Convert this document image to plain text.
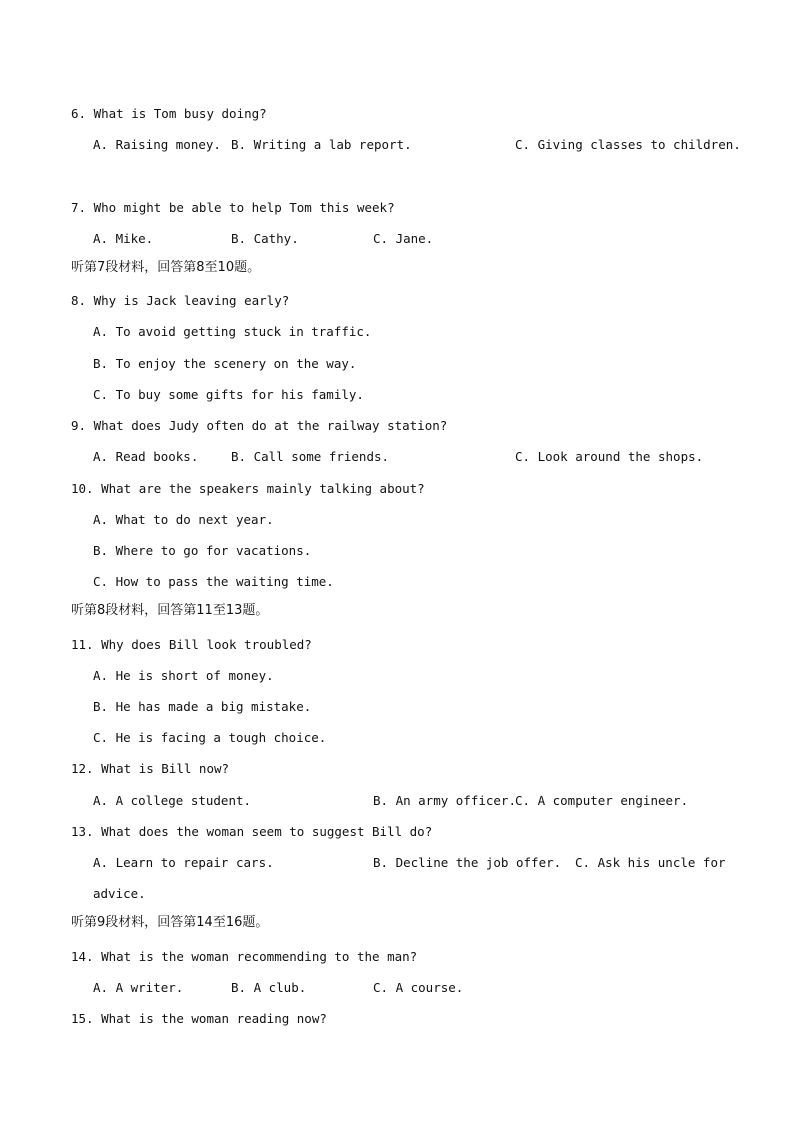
6. What is Tom busy doing?
A. Raising money. B. Writing a lab report.	C. Giving classes to children.
7. Who might be able to help Tom this week?
A. Mike.	B. Cathy.	C. Jane.
听第7段材料，回答第8至10题。
8. Why is Jack leaving early?
A. To avoid getting stuck in traffic.
B. To enjoy the scenery on the way.
C. To buy some gifts for his family.
9. What does Judy often do at the railway station?
A. Read books.	B. Call some friends.	C. Look around the shops.
10. What are the speakers mainly talking about?
A. What to do next year.
B. Where to go for vacations.
C. How to pass the waiting time.
听第8段材料，回答第11至13题。
11. Why does Bill look troubled?
A. He is short of money.
B. He has made a big mistake.
C. He is facing a tough choice.
12. What is Bill now?
A. A college student.	B. An army officer. C. A computer engineer.
13. What does the woman seem to suggest Bill do?
A. Learn to repair cars.	B. Decline the job offer. C. Ask his uncle for
advice.
听第9段材料，回答第14至16题。
14. What is the woman recommending to the man?
A. A writer.	B. A club.	C. A course.
15. What is the woman reading now?
